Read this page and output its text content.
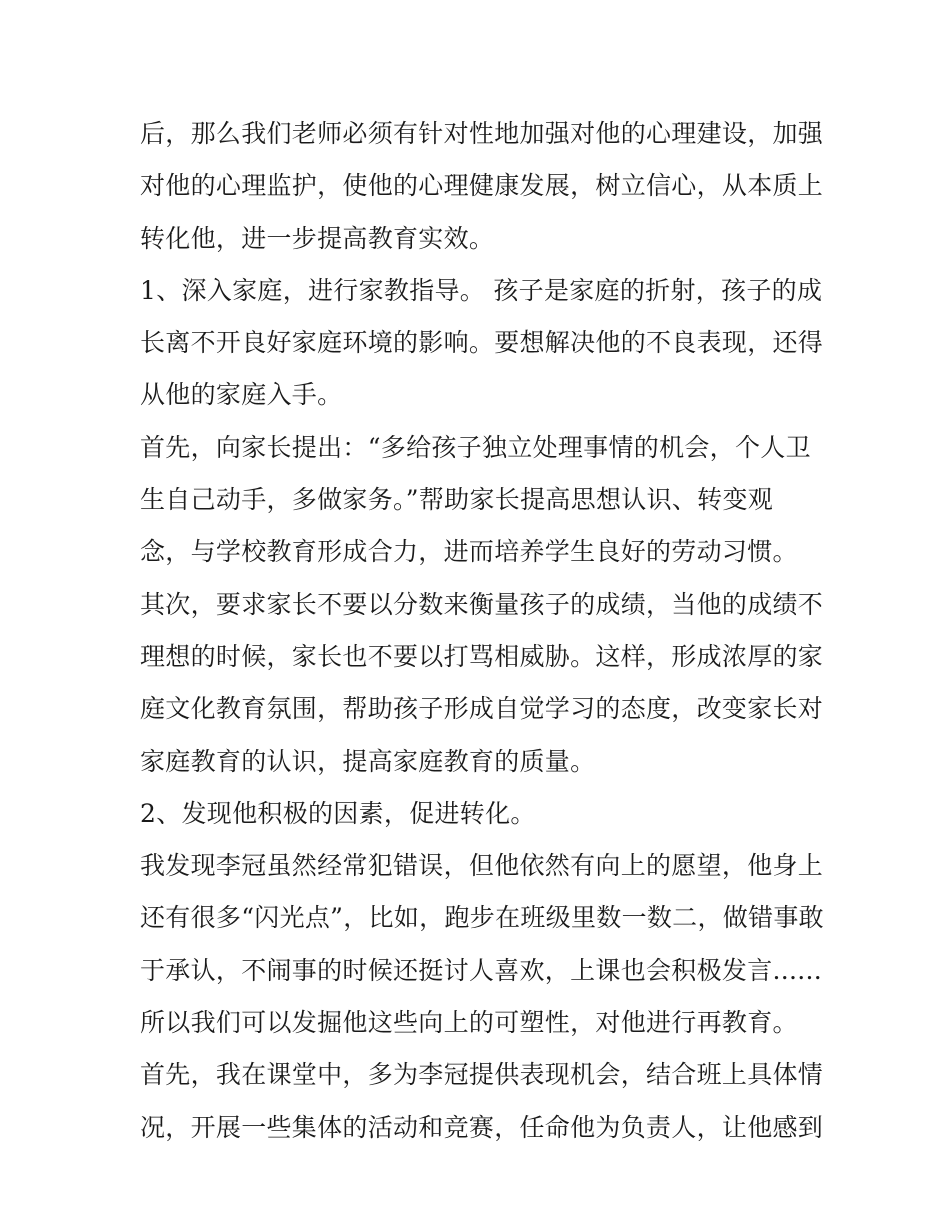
后，那么我们老师必须有针对性地加强对他的心理建设，加强
对他的心理监护，使他的心理健康发展，树立信心，从本质上
转化他，进一步提高教育实效。
1、深入家庭，进行家教指导。 孩子是家庭的折射，孩子的成
长离不开良好家庭环境的影响。要想解决他的不良表现，还得
从他的家庭入手。
首先，向家长提出：“多给孩子独立处理事情的机会，个人卫
生自己动手，多做家务。”帮助家长提高思想认识、转变观
念，与学校教育形成合力，进而培养学生良好的劳动习惯。
其次，要求家长不要以分数来衡量孩子的成绩，当他的成绩不
理想的时候，家长也不要以打骂相威胁。这样，形成浓厚的家
庭文化教育氛围，帮助孩子形成自觉学习的态度，改变家长对
家庭教育的认识，提高家庭教育的质量。
2、发现他积极的因素，促进转化。
我发现李冠虽然经常犯错误，但他依然有向上的愿望，他身上
还有很多“闪光点”，比如，跑步在班级里数一数二，做错事敢
于承认，不闹事的时候还挺讨人喜欢，上课也会积极发言......
所以我们可以发掘他这些向上的可塑性，对他进行再教育。
首先，我在课堂中，多为李冠提供表现机会，结合班上具体情
况，开展一些集体的活动和竞赛，任命他为负责人，让他感到
